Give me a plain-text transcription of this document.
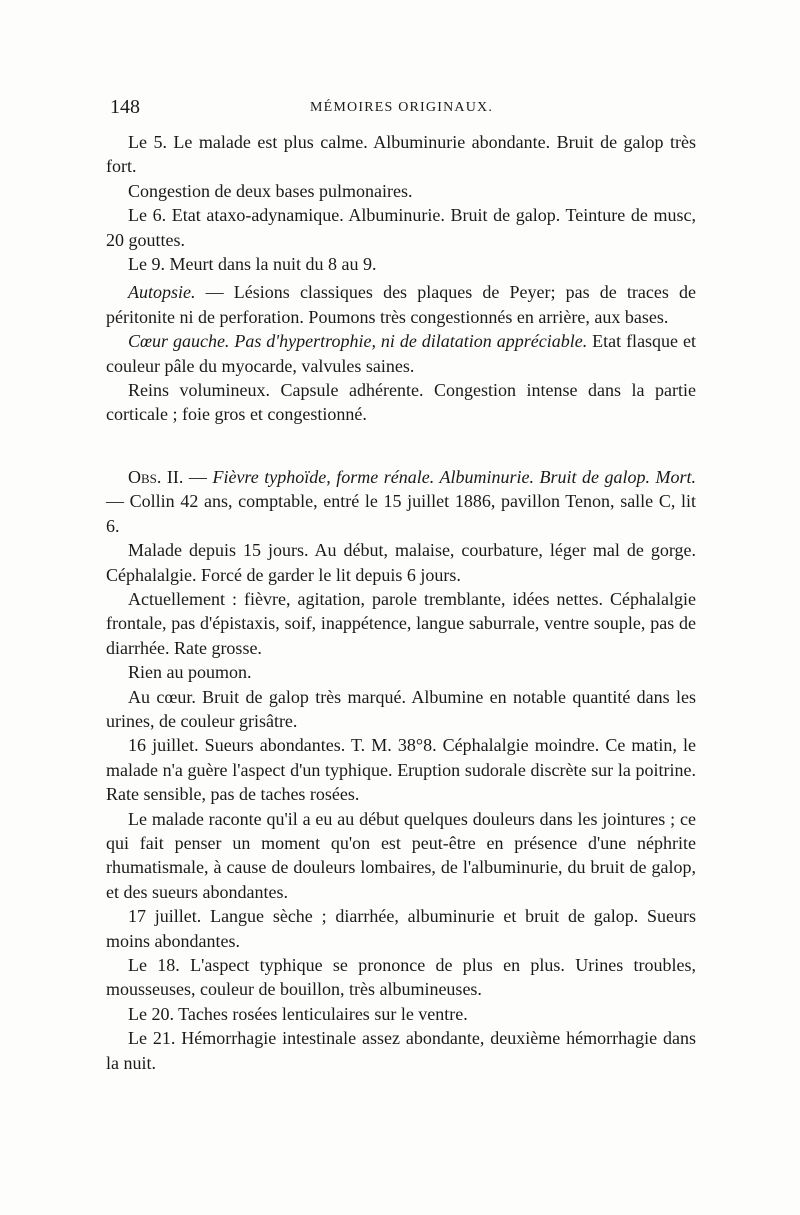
148	MÉMOIRES ORIGINAUX.

Le 5. Le malade est plus calme. Albuminurie abondante. Bruit de galop très fort.

Congestion de deux bases pulmonaires.

Le 6. Etat ataxo-adynamique. Albuminurie. Bruit de galop. Teinture de musc, 20 gouttes.

Le 9. Meurt dans la nuit du 8 au 9.

Autopsie. — Lésions classiques des plaques de Peyer; pas de traces de péritonite ni de perforation. Poumons très congestionnés en arrière, aux bases.

Cœur gauche. Pas d'hypertrophie, ni de dilatation appréciable. Etat flasque et couleur pâle du myocarde, valvules saines.

Reins volumineux. Capsule adhérente. Congestion intense dans la partie corticale ; foie gros et congestionné.

Obs. II. — Fièvre typhoïde, forme rénale. Albuminurie. Bruit de galop. Mort. — Collin 42 ans, comptable, entré le 15 juillet 1886, pavillon Tenon, salle C, lit 6.

Malade depuis 15 jours. Au début, malaise, courbature, léger mal de gorge. Céphalalgie. Forcé de garder le lit depuis 6 jours.

Actuellement : fièvre, agitation, parole tremblante, idées nettes. Céphalalgie frontale, pas d'épistaxis, soif, inappétence, langue saburrale, ventre souple, pas de diarrhée. Rate grosse.

Rien au poumon.

Au cœur. Bruit de galop très marqué. Albumine en notable quantité dans les urines, de couleur grisâtre.

16 juillet. Sueurs abondantes. T. M. 38°8. Céphalalgie moindre. Ce matin, le malade n'a guère l'aspect d'un typhique. Eruption sudorale discrète sur la poitrine. Rate sensible, pas de taches rosées.

Le malade raconte qu'il a eu au début quelques douleurs dans les jointures ; ce qui fait penser un moment qu'on est peut-être en présence d'une néphrite rhumatismale, à cause de douleurs lombaires, de l'albuminurie, du bruit de galop, et des sueurs abondantes.

17 juillet. Langue sèche ; diarrhée, albuminurie et bruit de galop. Sueurs moins abondantes.

Le 18. L'aspect typhique se prononce de plus en plus. Urines troubles, mousseuses, couleur de bouillon, très albumineuses.

Le 20. Taches rosées lenticulaires sur le ventre.

Le 21. Hémorrhagie intestinale assez abondante, deuxième hémorrhagie dans la nuit.
